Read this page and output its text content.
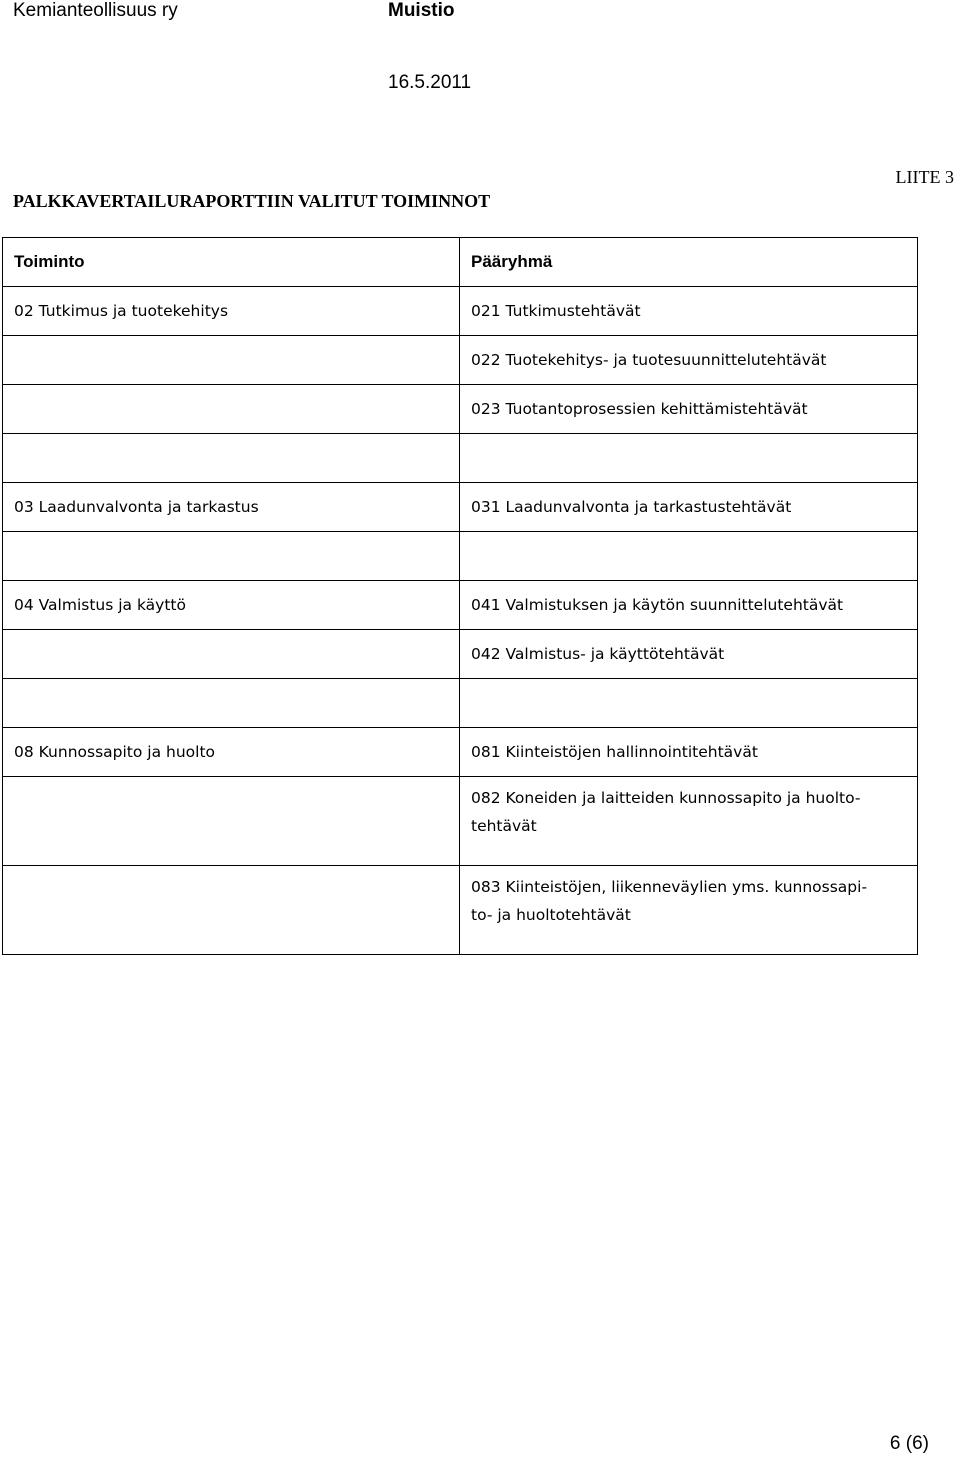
Kemianteollisuus ry	Muistio
16.5.2011
LIITE 3
PALKKAVERTAILURAPORTTIIN VALITUT TOIMINNOT
Toiminto	Pääryhmä
02 Tutkimus ja tuotekehitys	021 Tutkimustehtävät
	022 Tuotekehitys- ja tuotesuunnittelutehtävät
	023 Tuotantoprosessien kehittämistehtävät

03 Laadunvalvonta ja tarkastus	031 Laadunvalvonta ja tarkastustehtävät

04 Valmistus ja käyttö	041 Valmistuksen ja käytön suunnittelutehtävät
	042 Valmistus- ja käyttötehtävät

08 Kunnossapito ja huolto	081 Kiinteistöjen hallinnointitehtävät

	082 Koneiden ja laitteiden kunnossapito ja huolto-
tehtävät

	083 Kiinteistöjen, liikenneväylien yms. kunnossapi-
to- ja huoltotehtävät
6 (6)
